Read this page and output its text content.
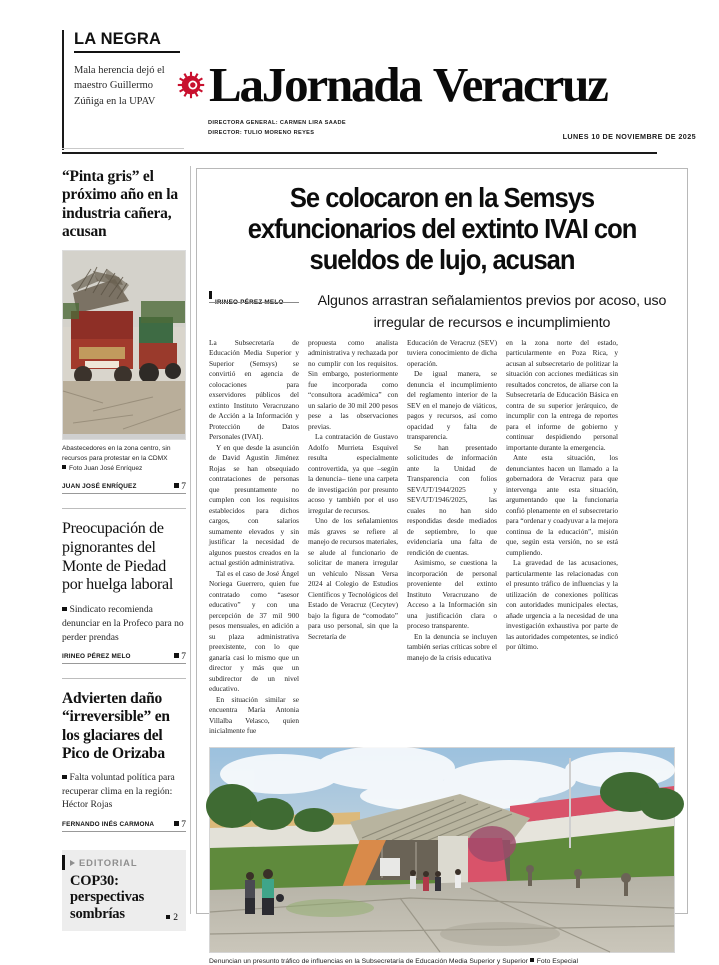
LA NEGRA
Mala herencia dejó el maestro Guillermo Zúñiga en la UPAV	LaJornada Veracruz
DIRECTORA GENERAL: CARMEN LIRA SAADE
DIRECTOR: TULIO MORENO REYES	LUNES 10 DE NOVIEMBRE DE 2025
“Pinta gris” el próximo año en la industria cañera, acusan
Abastecedores en la zona centro, sin recursos para protestar en la CDMX
Foto Juan José Enríquez
JUAN JOSÉ ENRÍQUEZ	7
Preocupación de pignorantes del Monte de Piedad por huelga laboral
Sindicato recomienda denunciar en la Profeco para no perder prendas
IRINEO PÉREZ MELO	7
Advierten daño “irreversible” en los glaciares del Pico de Orizaba
Falta voluntad política para recuperar clima en la región: Héctor Rojas
FERNANDO INÉS CARMONA	7
EDITORIAL
COP30: perspectivas sombrías	2
Se colocaron en la Semsys exfuncionarios del extinto IVAI con sueldos de lujo, acusan
Algunos arrastran señalamientos previos por acoso, uso irregular de recursos e incumplimiento

La Subsecretaría de Educación Media Superior y Superior (Semsys) se convirtió en agencia de colocaciones para exservidores públicos del extinto Instituto Veracruzano de Acción a la Información y Protección de Datos Personales (IVAI).

Y en que desde la asunción de David Agustín Jiménez Rojas se han obsequiado contrataciones de personas que presuntamente no cumplen con los requisitos establecidos para dichos cargos, con salarios sumamente elevados y sin justificar la necesidad de algunos puestos creados en la actual gestión administrativa.

Tal es el caso de José Ángel Noriega Guerrero, quien fue contratado como “asesor educativo” y con una percepción de 37 mil 900 pesos mensuales, en adición a su plaza administrativa preexistente, con lo que ganaría casi lo mismo que un director y más que un subdirector de un nivel educativo.

En situación similar se encuentra María Antonia Villalba Velasco, quien inicialmente fue

propuesta como analista administrativa y rechazada por no cumplir con los requisitos. Sin embargo, posteriormente fue incorporada como “consultora académica” con un salario de 30 mil 200 pesos pese a las observaciones previas.

La contratación de Gustavo Adolfo Murrieta Esquivel resulta especialmente controvertida, ya que –según la denuncia– tiene una carpeta de investigación por presunto acoso y también por el uso irregular de recursos.

Uno de los señalamientos más graves se refiere al manejo de recursos materiales, se alude al funcionario de solicitar de manera irregular un vehículo Nissan Versa 2024 al Colegio de Estudios Científicos y Tecnológicos del Estado de Veracruz (Cecytev) bajo la figura de “comodato” para uso personal, sin que la Secretaría de

Educación de Veracruz (SEV) tuviera conocimiento de dicha operación.

De igual manera, se denuncia el incumplimiento del reglamento interior de la SEV en el manejo de viáticos, pagos y recursos, así como opacidad y falta de transparencia.

Se han presentado solicitudes de información ante la Unidad de Transparencia con folios SEV/UT/1944/2025 y SEV/UT/1946/2025, las cuales no han sido respondidas desde mediados de septiembre, lo que evidenciaría una falta de rendición de cuentas.

Asimismo, se cuestiona la incorporación de personal proveniente del extinto Instituto Veracruzano de Acceso a la Información sin una justificación clara o proceso transparente.

En la denuncia se incluyen también serias críticas sobre el manejo de la crisis educativa

en la zona norte del estado, particularmente en Poza Rica, y acusan al subsecretario de politizar la situación con acciones mediáticas sin resultados concretos, de aliarse con la Subsecretaría de Educación Básica en contra de su superior jerárquico, de incumplir con la entrega de reportes para el informe de gobierno y continuar despidiendo personal importante durante la emergencia.

Ante esta situación, los denunciantes hacen un llamado a la gobernadora de Veracruz para que intervenga ante esta situación, argumentando que la funcionaria confió plenamente en el subsecretario para “ordenar y coadyuvar a la mejora continua de la educación”, misión que, según esta versión, no se está cumpliendo.

La gravedad de las acusaciones, particularmente las relacionadas con el presunto tráfico de influencias y la utilización de conexiones políticas con autoridades municipales electas, añade urgencia a la necesidad de una investigación exhaustiva por parte de las autoridades competentes, se indicó por último.

Denuncian un presunto tráfico de influencias en la Subsecretaría de Educación Media Superior y Superior Foto Especial
